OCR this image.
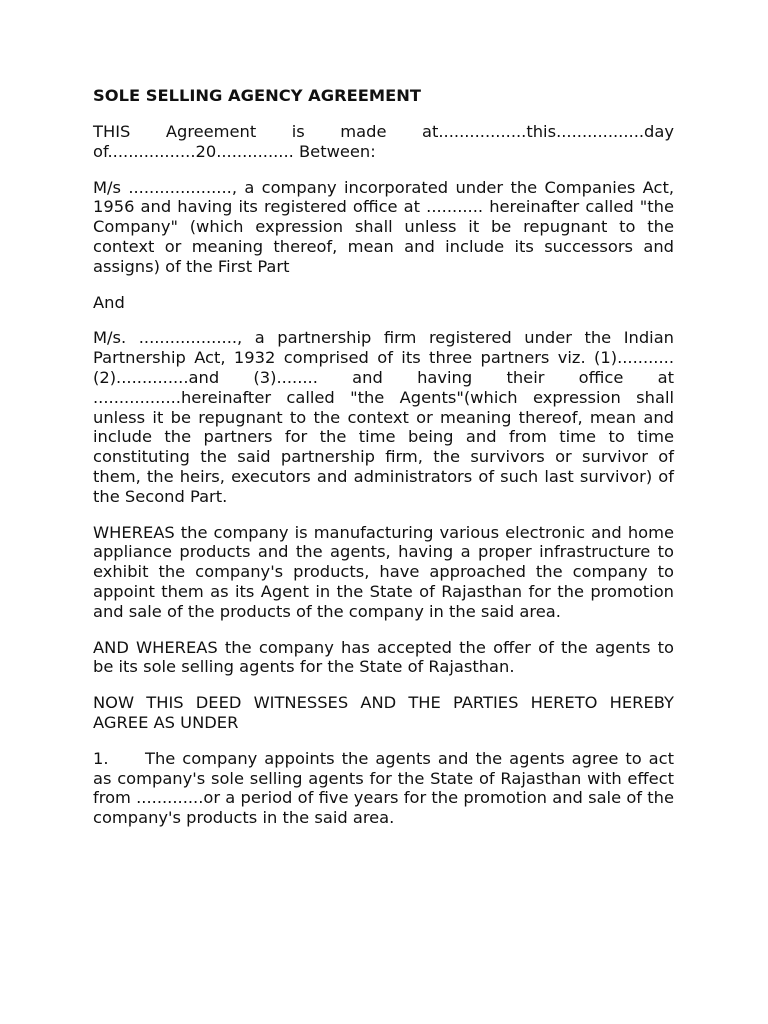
SOLE SELLING AGENCY AGREEMENT

THIS Agreement is made at.................this.................day of.................20............... Between:

M/s ...................., a company incorporated under the Companies Act, 1956 and having its registered office at ........... hereinafter called "the Company" (which expression shall unless it be repugnant to the context or meaning thereof, mean and include its successors and assigns) of the First Part

And

M/s. ..................., a partnership firm registered under the Indian Partnership Act, 1932 comprised of its three partners viz. (1)...........(2)..............and (3)........ and having their office at .................hereinafter called "the Agents"(which expression shall unless it be repugnant to the context or meaning thereof, mean and include the partners for the time being and from time to time constituting the said partnership firm, the survivors or survivor of them, the heirs, executors and administrators of such last survivor) of the Second Part.

WHEREAS the company is manufacturing various electronic and home appliance products and the agents, having a proper infrastructure to exhibit the company's products, have approached the company to appoint them as its Agent in the State of Rajasthan for the promotion and sale of the products of the company in the said area.

AND WHEREAS the company has accepted the offer of the agents to be its sole selling agents for the State of Rajasthan.

NOW THIS DEED WITNESSES AND THE PARTIES HERETO HEREBY AGREE AS UNDER

1. The company appoints the agents and the agents agree to act as company's sole selling agents for the State of Rajasthan with effect from .............or a period of five years for the promotion and sale of the company's products in the said area.
